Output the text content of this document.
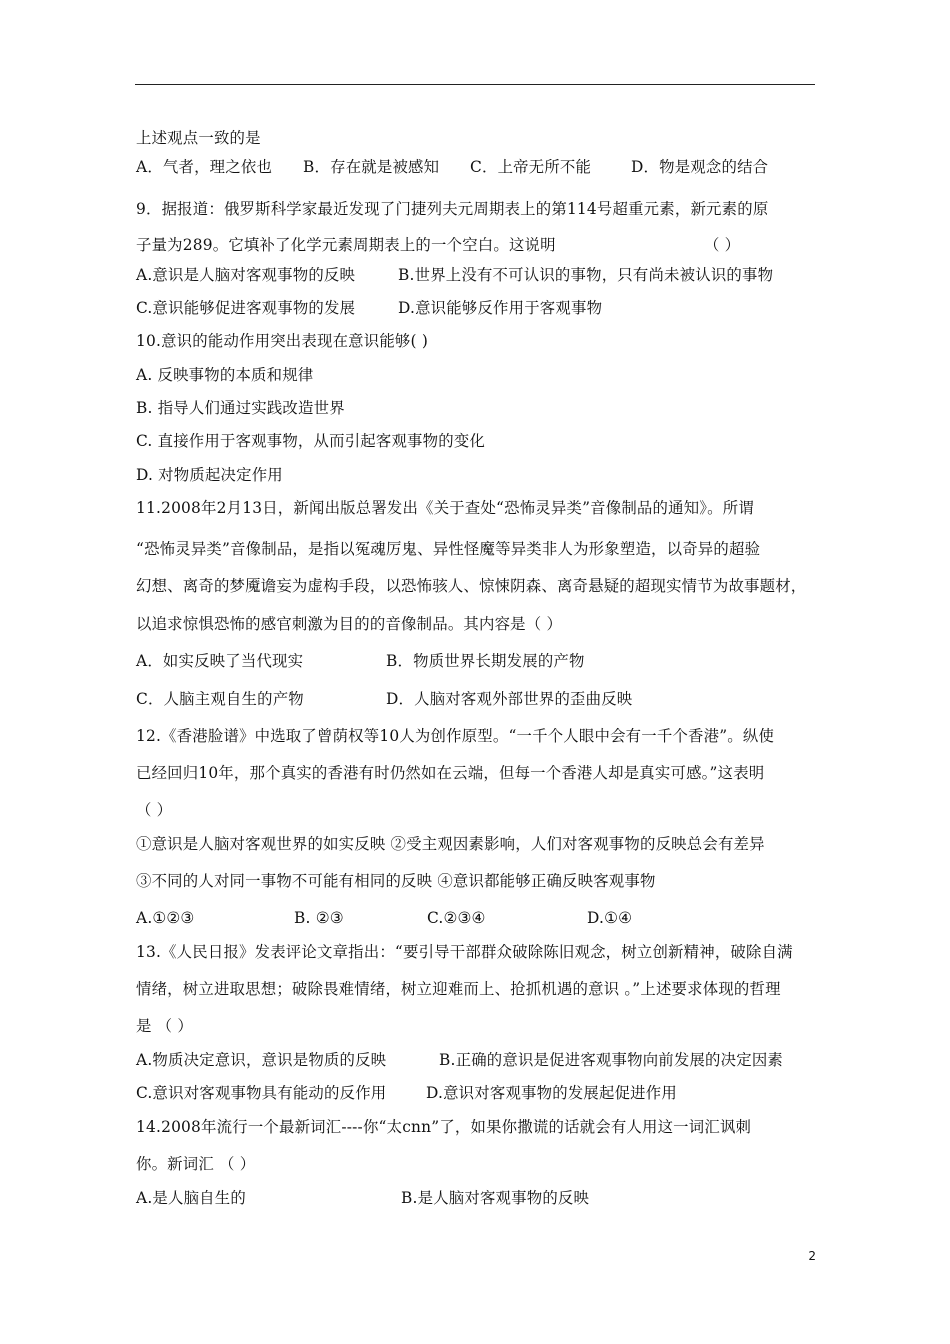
上述观点一致的是
A．气者，理之依也 B．存在就是被感知 C．上帝无所不能	D．物是观念的结合
9．据报道：俄罗斯科学家最近发现了门捷列夫元周期表上的第114号超重元素，新元素的原
子量为289。它填补了化学元素周期表上的一个空白。这说明	（ ）
A.意识是人脑对客观事物的反映	B.世界上没有不可认识的事物，只有尚未被认识的事物
C.意识能够促进客观事物的发展	D.意识能够反作用于客观事物
10.意识的能动作用突出表现在意识能够( )
A. 反映事物的本质和规律
B. 指导人们通过实践改造世界
C. 直接作用于客观事物，从而引起客观事物的变化
D. 对物质起决定作用
11.2008年2月13日，新闻出版总署发出《关于查处“恐怖灵异类”音像制品的通知》。所谓
“恐怖灵异类”音像制品，是指以冤魂厉鬼、异性怪魔等异类非人为形象塑造，以奇异的超验
幻想、离奇的梦魇谵妄为虚构手段，以恐怖骇人、惊悚阴森、离奇悬疑的超现实情节为故事题材，
以追求惊惧恐怖的感官刺激为目的的音像制品。其内容是（ ）
A．如实反映了当代现实	B．物质世界长期发展的产物
C．人脑主观自生的产物	D．人脑对客观外部世界的歪曲反映
12.《香港脸谱》中选取了曾荫权等10人为创作原型。“一千个人眼中会有一千个香港”。纵使
已经回归10年，那个真实的香港有时仍然如在云端，但每一个香港人却是真实可感。”这表明
（ ）
①意识是人脑对客观世界的如实反映 ②受主观因素影响，人们对客观事物的反映总会有差异
③不同的人对同一事物不可能有相同的反映 ④意识都能够正确反映客观事物
A.①②③	B. ②③	C.②③④	D.①④
13.《人民日报》发表评论文章指出：“要引导干部群众破除陈旧观念，树立创新精神，破除自满
情绪，树立进取思想；破除畏难情绪，树立迎难而上、抢抓机遇的意识 。”上述要求体现的哲理
是 （ ）
A.物质决定意识，意识是物质的反映	B.正确的意识是促进客观事物向前发展的决定因素
C.意识对客观事物具有能动的反作用	D.意识对客观事物的发展起促进作用
14.2008年流行一个最新词汇----你“太cnn”了，如果你撒谎的话就会有人用这一词汇讽刺
你。新词汇 （ ）
A.是人脑自生的	B.是人脑对客观事物的反映
2
